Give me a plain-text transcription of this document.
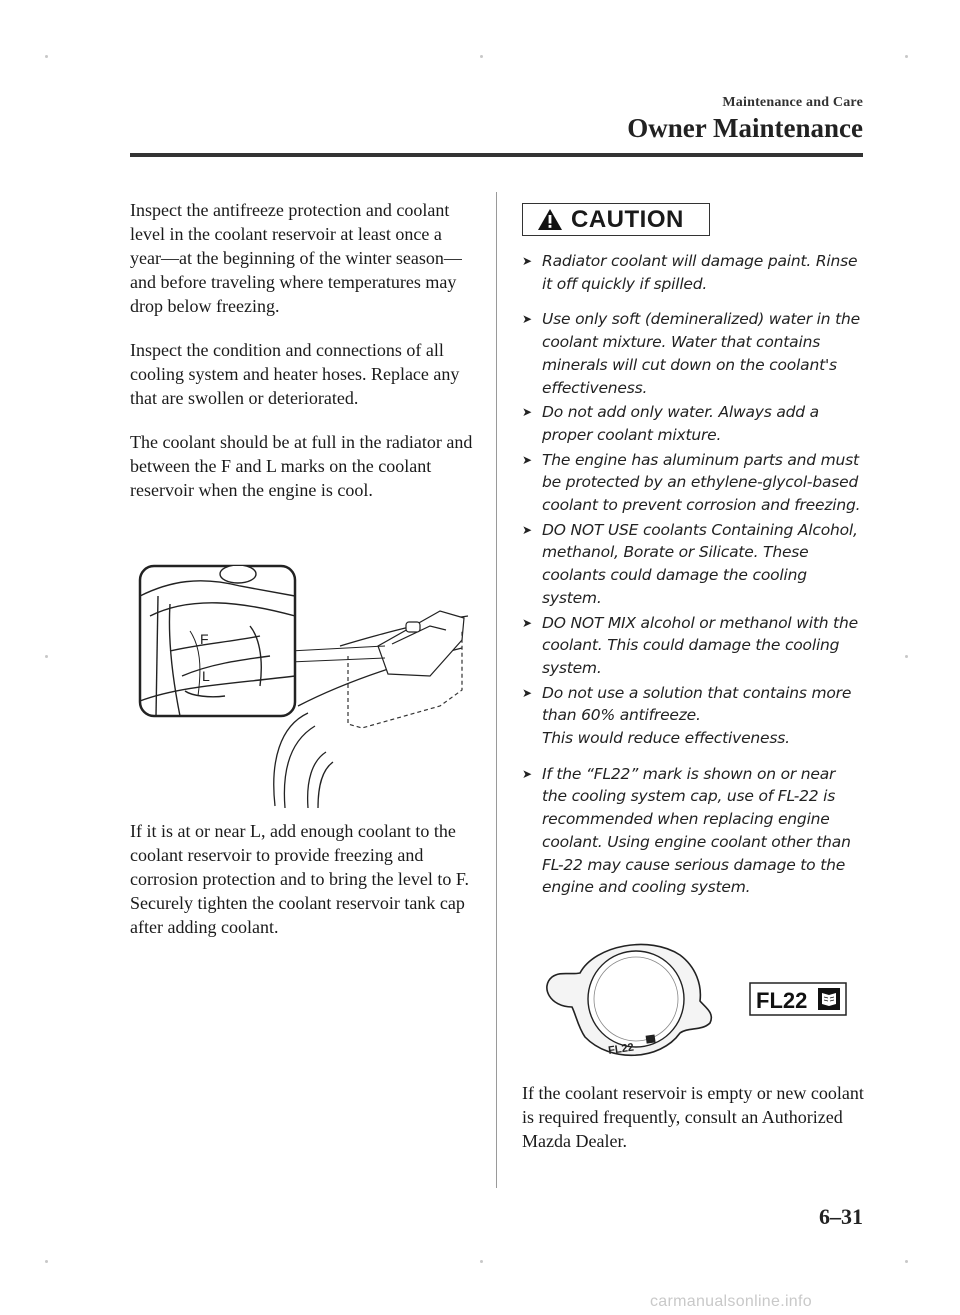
Maintenance and Care
Owner Maintenance

Inspect the antifreeze protection and coolant level in the coolant reservoir at least once a year—at the beginning of the winter season—and before traveling where temperatures may drop below freezing.

Inspect the condition and connections of all cooling system and heater hoses. Replace any that are swollen or deteriorated.

The coolant should be at full in the radiator and between the F and L marks on the coolant reservoir when the engine is cool.

F
L

If it is at or near L, add enough coolant to the coolant reservoir to provide freezing and corrosion protection and to bring the level to F.

Securely tighten the coolant reservoir tank cap after adding coolant.

CAUTION
➤ Radiator coolant will damage paint. Rinse it off quickly if spilled.
➤ Use only soft (demineralized) water in the coolant mixture. Water that contains minerals will cut down on the coolant's effectiveness.
➤ Do not add only water. Always add a proper coolant mixture.
➤ The engine has aluminum parts and must be protected by an ethylene-glycol-based coolant to prevent corrosion and freezing.
➤ DO NOT USE coolants Containing Alcohol, methanol, Borate or Silicate. These coolants could damage the cooling system.
➤ DO NOT MIX alcohol or methanol with the coolant. This could damage the cooling system.
➤ Do not use a solution that contains more than 60% antifreeze.
This would reduce effectiveness.
➤ If the “FL22” mark is shown on or near the cooling system cap, use of FL-22 is recommended when replacing engine coolant. Using engine coolant other than FL-22 may cause serious damage to the engine and cooling system.
FL22
FL22

If the coolant reservoir is empty or new coolant is required frequently, consult an Authorized Mazda Dealer.

6–31
carmanualsonline.info
